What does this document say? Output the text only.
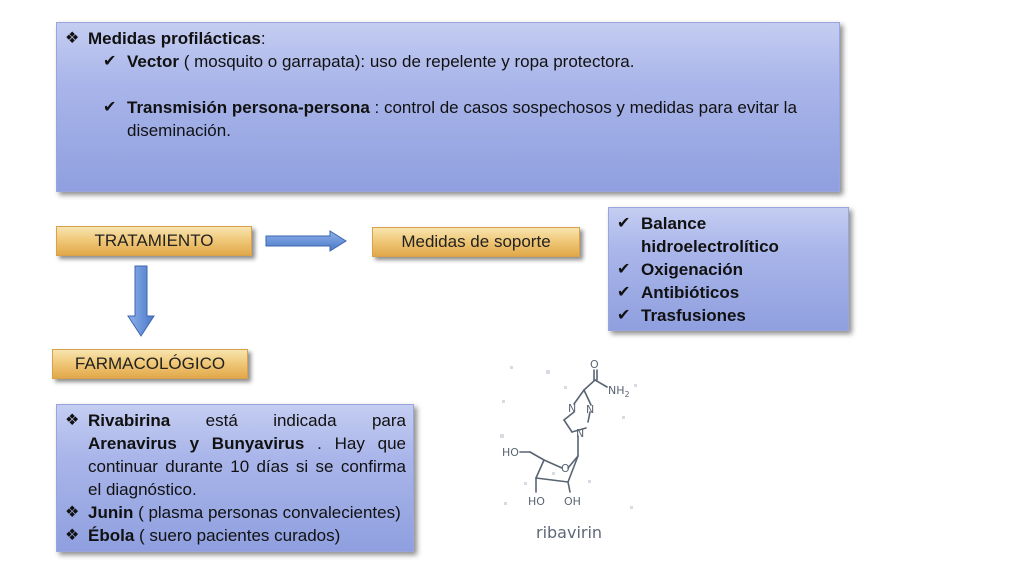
❖ Medidas profilácticas:
✔ Vector ( mosquito o garrapata): uso de repelente y ropa protectora.
✔ Transmisión persona-persona : control de casos sospechosos y medidas para evitar la
diseminación.
TRATAMIENTO	Medidas de soporte
✔ Balance
hidroelectrolítico
✔ Oxigenación
✔ Antibióticos
✔ Trasfusiones
FARMACOLÓGICO
❖ Rivabirina está indicada para
Arenavirus y Bunyavirus . Hay que
continuar durante 10 días si se confirma
el diagnóstico.
❖ Junin ( plasma personas convalecientes)
❖ Ébola ( suero pacientes curados)
O
$NH_2$
N N
N
O
HO
HO OH
ribavirin
